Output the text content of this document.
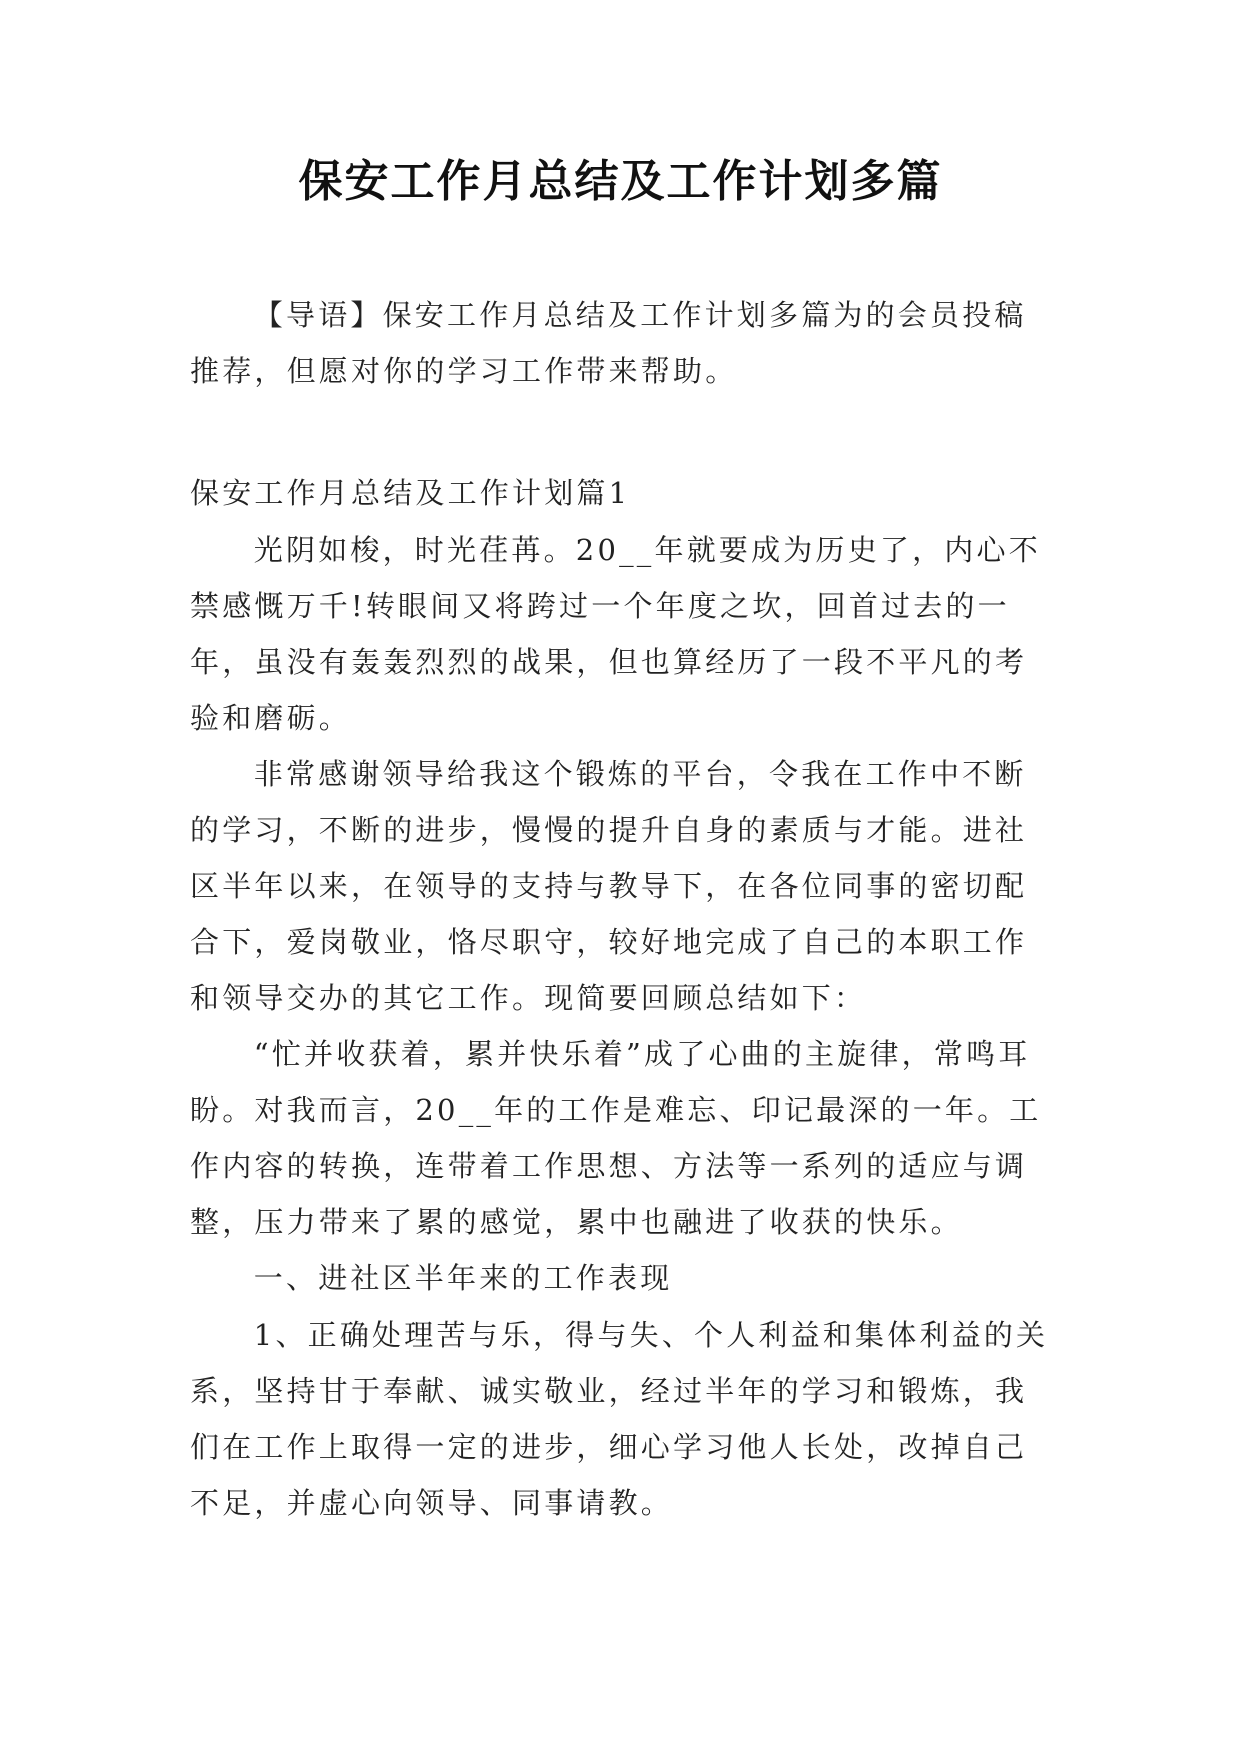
保安工作月总结及工作计划多篇

【导语】保安工作月总结及工作计划多篇为的会员投稿推荐，但愿对你的学习工作带来帮助。

保安工作月总结及工作计划篇1

光阴如梭，时光荏苒。20__年就要成为历史了，内心不禁感慨万千!转眼间又将跨过一个年度之坎，回首过去的一年，虽没有轰轰烈烈的战果，但也算经历了一段不平凡的考验和磨砺。

非常感谢领导给我这个锻炼的平台，令我在工作中不断的学习，不断的进步，慢慢的提升自身的素质与才能。进社区半年以来，在领导的支持与教导下，在各位同事的密切配合下，爱岗敬业，恪尽职守，较好地完成了自己的本职工作和领导交办的其它工作。现简要回顾总结如下：

“忙并收获着，累并快乐着”成了心曲的主旋律，常鸣耳盼。对我而言，20__年的工作是难忘、印记最深的一年。工作内容的转换，连带着工作思想、方法等一系列的适应与调整，压力带来了累的感觉，累中也融进了收获的快乐。

一、进社区半年来的工作表现

1、正确处理苦与乐，得与失、个人利益和集体利益的关系，坚持甘于奉献、诚实敬业，经过半年的学习和锻炼，我们在工作上取得一定的进步，细心学习他人长处，改掉自己不足，并虚心向领导、同事请教。
